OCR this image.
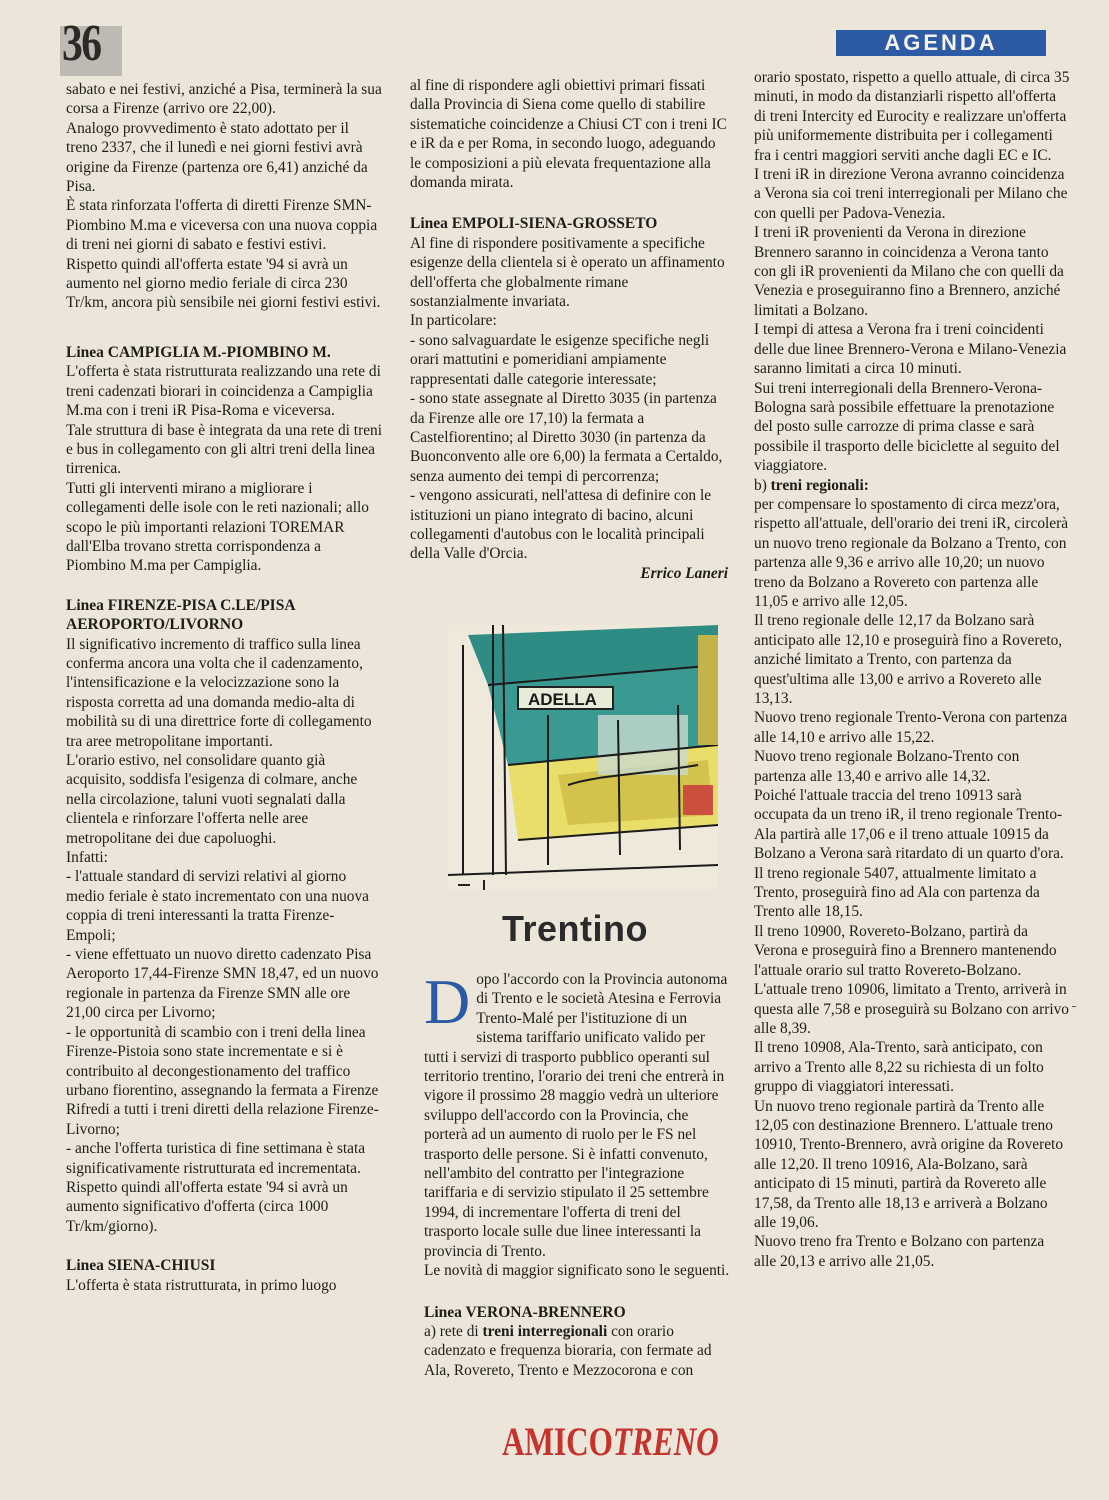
36	AGENDA

sabato e nei festivi, anziché a Pisa, terminerà la sua corsa a Firenze (arrivo ore 22,00).

Analogo provvedimento è stato adottato per il treno 2337, che il lunedì e nei giorni festivi avrà origine da Firenze (partenza ore 6,41) anziché da Pisa.

È stata rinforzata l'offerta di diretti Firenze SMN-Piombino M.ma e viceversa con una nuova coppia di treni nei giorni di sabato e festivi estivi.

Rispetto quindi all'offerta estate '94 si avrà un aumento nel giorno medio feriale di circa 230 Tr/km, ancora più sensibile nei giorni festivi estivi.

Linea CAMPIGLIA M.-PIOMBINO M.

L'offerta è stata ristrutturata realizzando una rete di treni cadenzati biorari in coincidenza a Campiglia M.ma con i treni iR Pisa-Roma e viceversa.

Tale struttura di base è integrata da una rete di treni e bus in collegamento con gli altri treni della linea tirrenica.

Tutti gli interventi mirano a migliorare i collegamenti delle isole con le reti nazionali; allo scopo le più importanti relazioni TOREMAR dall'Elba trovano stretta corrispondenza a Piombino M.ma per Campiglia.

Linea FIRENZE-PISA C.LE/PISA AEROPORTO/LIVORNO

Il significativo incremento di traffico sulla linea conferma ancora una volta che il cadenzamento, l'intensificazione e la velocizzazione sono la risposta corretta ad una domanda medio-alta di mobilità su di una direttrice forte di collegamento tra aree metropolitane importanti.

L'orario estivo, nel consolidare quanto già acquisito, soddisfa l'esigenza di colmare, anche nella circolazione, taluni vuoti segnalati dalla clientela e rinforzare l'offerta nelle aree metropolitane dei due capoluoghi.

Infatti:

- l'attuale standard di servizi relativi al giorno medio feriale è stato incrementato con una nuova coppia di treni interessanti la tratta Firenze-Empoli;

- viene effettuato un nuovo diretto cadenzato Pisa Aeroporto 17,44-Firenze SMN 18,47, ed un nuovo regionale in partenza da Firenze SMN alle ore 21,00 circa per Livorno;

- le opportunità di scambio con i treni della linea Firenze-Pistoia sono state incrementate e si è contribuito al decongestionamento del traffico urbano fiorentino, assegnando la fermata a Firenze Rifredi a tutti i treni diretti della relazione Firenze-Livorno;

- anche l'offerta turistica di fine settimana è stata significativamente ristrutturata ed incrementata.

Rispetto quindi all'offerta estate '94 si avrà un aumento significativo d'offerta (circa 1000 Tr/km/giorno).

Linea SIENA-CHIUSI

L'offerta è stata ristrutturata, in primo luogo

al fine di rispondere agli obiettivi primari fissati dalla Provincia di Siena come quello di stabilire sistematiche coincidenze a Chiusi CT con i treni IC e iR da e per Roma, in secondo luogo, adeguando le composizioni a più elevata frequentazione alla domanda mirata.

Linea EMPOLI-SIENA-GROSSETO

Al fine di rispondere positivamente a specifiche esigenze della clientela si è operato un affinamento dell'offerta che globalmente rimane sostanzialmente invariata.

In particolare:

- sono salvaguardate le esigenze specifiche negli orari mattutini e pomeridiani ampiamente rappresentati dalle categorie interessate;

- sono state assegnate al Diretto 3035 (in partenza da Firenze alle ore 17,10) la fermata a Castelfiorentino; al Diretto 3030 (in partenza da Buonconvento alle ore 6,00) la fermata a Certaldo, senza aumento dei tempi di percorrenza;

- vengono assicurati, nell'attesa di definire con le istituzioni un piano integrato di bacino, alcuni collegamenti d'autobus con le località principali della Valle d'Orcia.

Errico Laneri

ADELLA
Trentino

Dopo l'accordo con la Provincia autonoma di Trento e le società Atesina e Ferrovia Trento-Malé per l'istituzione di un sistema tariffario unificato valido per tutti i servizi di trasporto pubblico operanti sul territorio trentino, l'orario dei treni che entrerà in vigore il prossimo 28 maggio vedrà un ulteriore sviluppo dell'accordo con la Provincia, che porterà ad un aumento di ruolo per le FS nel trasporto delle persone. Si è infatti convenuto, nell'ambito del contratto per l'integrazione tariffaria e di servizio stipulato il 25 settembre 1994, di incrementare l'offerta di treni del trasporto locale sulle due linee interessanti la provincia di Trento.

Le novità di maggior significato sono le seguenti.

Linea VERONA-BRENNERO

a) rete di treni interregionali con orario cadenzato e frequenza bioraria, con fermate ad Ala, Rovereto, Trento e Mezzocorona e con

orario spostato, rispetto a quello attuale, di circa 35 minuti, in modo da distanziarli rispetto all'offerta di treni Intercity ed Eurocity e realizzare un'offerta più uniformemente distribuita per i collegamenti fra i centri maggiori serviti anche dagli EC e IC.

I treni iR in direzione Verona avranno coincidenza a Verona sia coi treni interregionali per Milano che con quelli per Padova-Venezia.

I treni iR provenienti da Verona in direzione Brennero saranno in coincidenza a Verona tanto con gli iR provenienti da Milano che con quelli da Venezia e proseguiranno fino a Brennero, anziché limitati a Bolzano.

I tempi di attesa a Verona fra i treni coincidenti delle due linee Brennero-Verona e Milano-Venezia saranno limitati a circa 10 minuti.

Sui treni interregionali della Brennero-Verona-Bologna sarà possibile effettuare la prenotazione del posto sulle carrozze di prima classe e sarà possibile il trasporto delle biciclette al seguito del viaggiatore.

b) treni regionali:

per compensare lo spostamento di circa mezz'ora, rispetto all'attuale, dell'orario dei treni iR, circolerà un nuovo treno regionale da Bolzano a Trento, con partenza alle 9,36 e arrivo alle 10,20; un nuovo treno da Bolzano a Rovereto con partenza alle 11,05 e arrivo alle 12,05.

Il treno regionale delle 12,17 da Bolzano sarà anticipato alle 12,10 e proseguirà fino a Rovereto, anziché limitato a Trento, con partenza da quest'ultima alle 13,00 e arrivo a Rovereto alle 13,13.

Nuovo treno regionale Trento-Verona con partenza alle 14,10 e arrivo alle 15,22.

Nuovo treno regionale Bolzano-Trento con partenza alle 13,40 e arrivo alle 14,32.

Poiché l'attuale traccia del treno 10913 sarà occupata da un treno iR, il treno regionale Trento-Ala partirà alle 17,06 e il treno attuale 10915 da Bolzano a Verona sarà ritardato di un quarto d'ora.

Il treno regionale 5407, attualmente limitato a Trento, proseguirà fino ad Ala con partenza da Trento alle 18,15.

Il treno 10900, Rovereto-Bolzano, partirà da Verona e proseguirà fino a Brennero mantenendo l'attuale orario sul tratto Rovereto-Bolzano.

L'attuale treno 10906, limitato a Trento, arriverà in questa alle 7,58 e proseguirà su Bolzano con arrivo alle 8,39.

Il treno 10908, Ala-Trento, sarà anticipato, con arrivo a Trento alle 8,22 su richiesta di un folto gruppo di viaggiatori interessati.

Un nuovo treno regionale partirà da Trento alle 12,05 con destinazione Brennero. L'attuale treno 10910, Trento-Brennero, avrà origine da Rovereto alle 12,20. Il treno 10916, Ala-Bolzano, sarà anticipato di 15 minuti, partirà da Rovereto alle 17,58, da Trento alle 18,13 e arriverà a Bolzano alle 19,06.

Nuovo treno fra Trento e Bolzano con partenza alle 20,13 e arrivo alle 21,05.

AMICOTRENO
